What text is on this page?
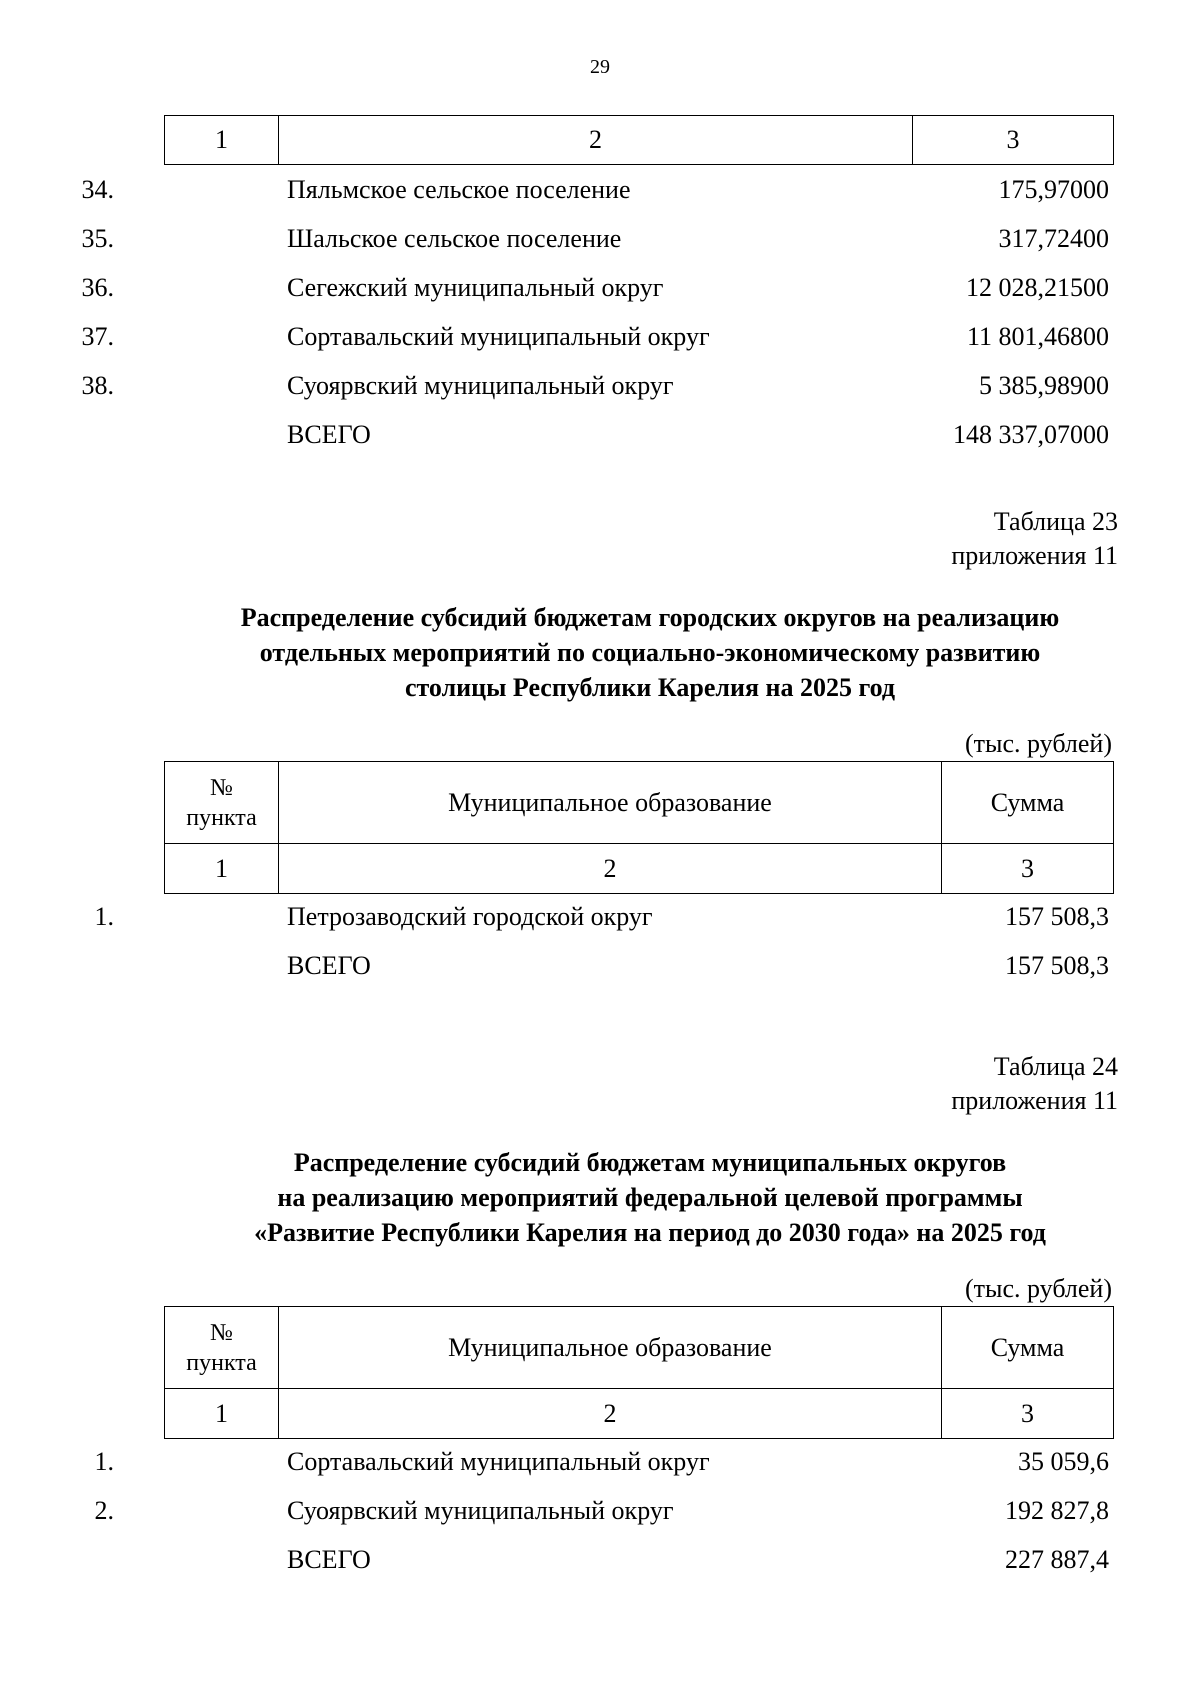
29
1	2	3
34.	Пяльмское сельское поселение	175,97000
35.	Шальское сельское поселение	317,72400
36.	Сегежский муниципальный округ	12 028,21500
37.	Сортавальский муниципальный округ	11 801,46800
38.	Суоярвский муниципальный округ	5 385,98900
ВСЕГО	148 337,07000
Таблица 23
приложения 11
Распределение субсидий бюджетам городских округов на реализацию
отдельных мероприятий по социально-экономическому развитию
столицы Республики Карелия на 2025 год
(тыс. рублей)
№
пункта	Муниципальное образование	Сумма
1	2	3
1.	Петрозаводский городской округ	157 508,3
ВСЕГО	157 508,3
Таблица 24
приложения 11
Распределение субсидий бюджетам муниципальных округов
на реализацию мероприятий федеральной целевой программы
«Развитие Республики Карелия на период до 2030 года» на 2025 год
(тыс. рублей)
№
пункта	Муниципальное образование	Сумма
1	2	3
1.	Сортавальский муниципальный округ	35 059,6
2.	Суоярвский муниципальный округ	192 827,8
ВСЕГО	227 887,4
